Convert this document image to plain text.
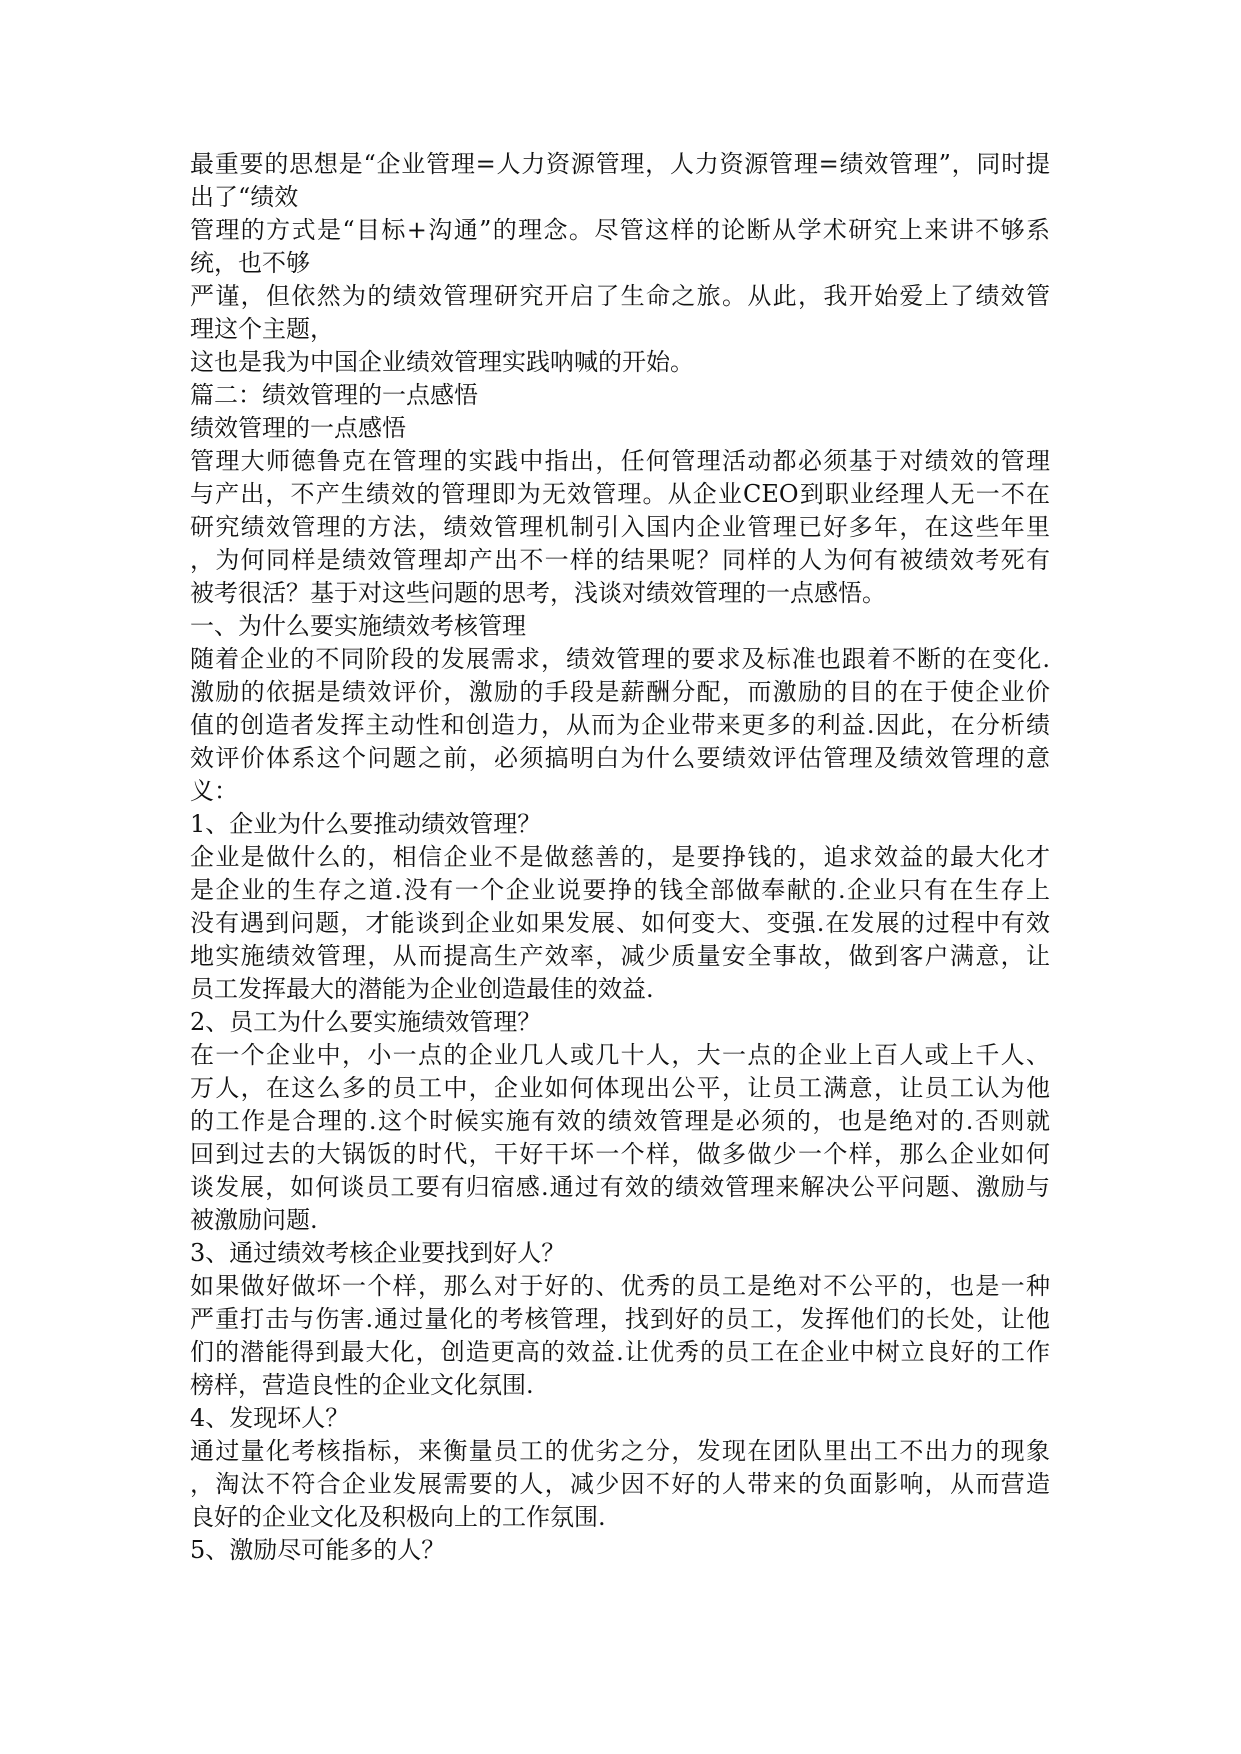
最重要的思想是“企业管理=人力资源管理，人力资源管理=绩效管理”，同时提
出了“绩效
管理的方式是“目标+沟通”的理念。尽管这样的论断从学术研究上来讲不够系
统，也不够
严谨，但依然为的绩效管理研究开启了生命之旅。从此，我开始爱上了绩效管
理这个主题，
这也是我为中国企业绩效管理实践呐喊的开始。
篇二：绩效管理的一点感悟
绩效管理的一点感悟
管理大师德鲁克在管理的实践中指出，任何管理活动都必须基于对绩效的管理
与产出，不产生绩效的管理即为无效管理。从企业CEO到职业经理人无一不在
研究绩效管理的方法，绩效管理机制引入国内企业管理已好多年，在这些年里
，为何同样是绩效管理却产出不一样的结果呢？同样的人为何有被绩效考死有
被考很活？基于对这些问题的思考，浅谈对绩效管理的一点感悟。
一、为什么要实施绩效考核管理
随着企业的不同阶段的发展需求，绩效管理的要求及标准也跟着不断的在变化.
激励的依据是绩效评价，激励的手段是薪酬分配，而激励的目的在于使企业价
值的创造者发挥主动性和创造力，从而为企业带来更多的利益.因此，在分析绩
效评价体系这个问题之前，必须搞明白为什么要绩效评估管理及绩效管理的意
义：
1、企业为什么要推动绩效管理？
企业是做什么的，相信企业不是做慈善的，是要挣钱的，追求效益的最大化才
是企业的生存之道.没有一个企业说要挣的钱全部做奉献的.企业只有在生存上
没有遇到问题，才能谈到企业如果发展、如何变大、变强.在发展的过程中有效
地实施绩效管理，从而提高生产效率，减少质量安全事故，做到客户满意，让
员工发挥最大的潜能为企业创造最佳的效益.
2、员工为什么要实施绩效管理？
在一个企业中，小一点的企业几人或几十人，大一点的企业上百人或上千人、
万人，在这么多的员工中，企业如何体现出公平，让员工满意，让员工认为他
的工作是合理的.这个时候实施有效的绩效管理是必须的，也是绝对的.否则就
回到过去的大锅饭的时代，干好干坏一个样，做多做少一个样，那么企业如何
谈发展，如何谈员工要有归宿感.通过有效的绩效管理来解决公平问题、激励与
被激励问题.
3、通过绩效考核企业要找到好人？
如果做好做坏一个样，那么对于好的、优秀的员工是绝对不公平的，也是一种
严重打击与伤害.通过量化的考核管理，找到好的员工，发挥他们的长处，让他
们的潜能得到最大化，创造更高的效益.让优秀的员工在企业中树立良好的工作
榜样，营造良性的企业文化氛围.
4、发现坏人？
通过量化考核指标，来衡量员工的优劣之分，发现在团队里出工不出力的现象
，淘汰不符合企业发展需要的人，减少因不好的人带来的负面影响，从而营造
良好的企业文化及积极向上的工作氛围.
5、激励尽可能多的人？
